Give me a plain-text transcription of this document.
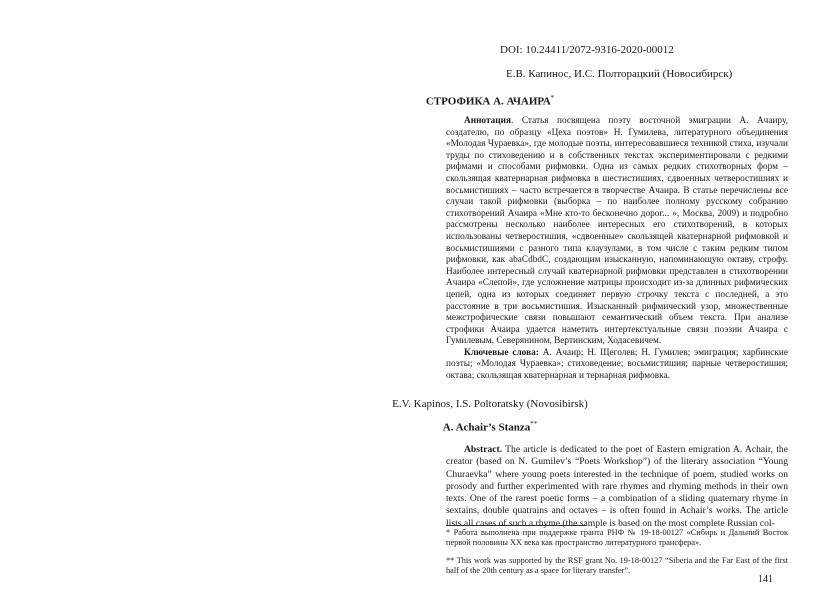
DOI: 10.24411/2072-9316-2020-00012
Е.В. Капинос, И.С. Полторацкий (Новосибирск)
СТРОФИКА А. АЧАИРА*

Аннотация. Статья посвящена поэту восточной эмиграции А. Ачаиру, создателю, по образцу «Цеха поэтов» Н. Гумилева, литературного объединения «Молодая Чураевка», где молодые поэты, интересовавшиеся техникой стиха, изучали труды по стиховедению и в собственных текстах экспериментировали с редкими рифмами и способами рифмовки. Одна из самых редких стихотворных форм – скользящая кватернарная рифмовка в шестистишиях, сдвоенных четверостишиях и восьмистишиях – часто встречается в творчестве Ачаира. В статье перечислены все случаи такой рифмовки (выборка – по наиболее полному русскому собранию стихотворений Ачаира «Мне кто-то бесконечно дорог... », Москва, 2009) и подробно рассмотрены несколько наиболее интересных его стихотворений, в которых использованы четверостишия, «сдвоенные» скользящей кватернарной рифмовкой и восьмистишиями с разного типа клаузулами, в том числе с таким редким типом рифмовки, как abaCdbdC, создающим изысканную, напоминающую октаву, строфу. Наиболее интересный случай кватернарной рифмовки представлен в стихотворении Ачаира «Слепой», где усложнение матрицы происходит из-за длинных рифмических цепей, одна из которых соединяет первую строчку текста с последней, а это расстояние в три восьмистишия. Изысканный рифмический узор, множественные межстрофические связи повышают семантический объем текста. При анализе строфики Ачаира удается наметить интертекстуальные связи поэзии Ачаира с Гумилевым, Северянином, Вертинским, Ходасевичем.

Ключевые слова: А. Ачаир; Н. Щеголев; Н. Гумилев; эмиграция; харбинские поэты; «Молодая Чураевка»; стиховедение; восьмистишия; парные четверостишия; октава; скользящая кватернарная и тернарная рифмовка.

E.V. Kapinos, I.S. Poltoratsky (Novosibirsk)
A. Achair’s Stanza**

Abstract. The article is dedicated to the poet of Eastern emigration A. Achair, the creator (based on N. Gumilev’s “Poets Workshop”) of the literary association “Young Churaevka” where young poets interested in the technique of poem, studied works on prosody and further experimented with rare rhymes and rhyming methods in their own texts. One of the rarest poetic forms – a combination of a sliding quaternary rhyme in sextains, double quatrains and octaves – is often found in Achair’s works. The article lists all cases of such a rhyme (the sample is based on the most complete Russian col-

* Работа выполнена при поддержке гранта РНФ № 19-18-00127 «Сибирь и Дальний Восток первой половины XX века как пространство литературного трансфера».
** This work was supported by the RSF grant No. 19-18-00127 “Siberia and the Far East of the first half of the 20th century as a space for literary transfer”.
141
